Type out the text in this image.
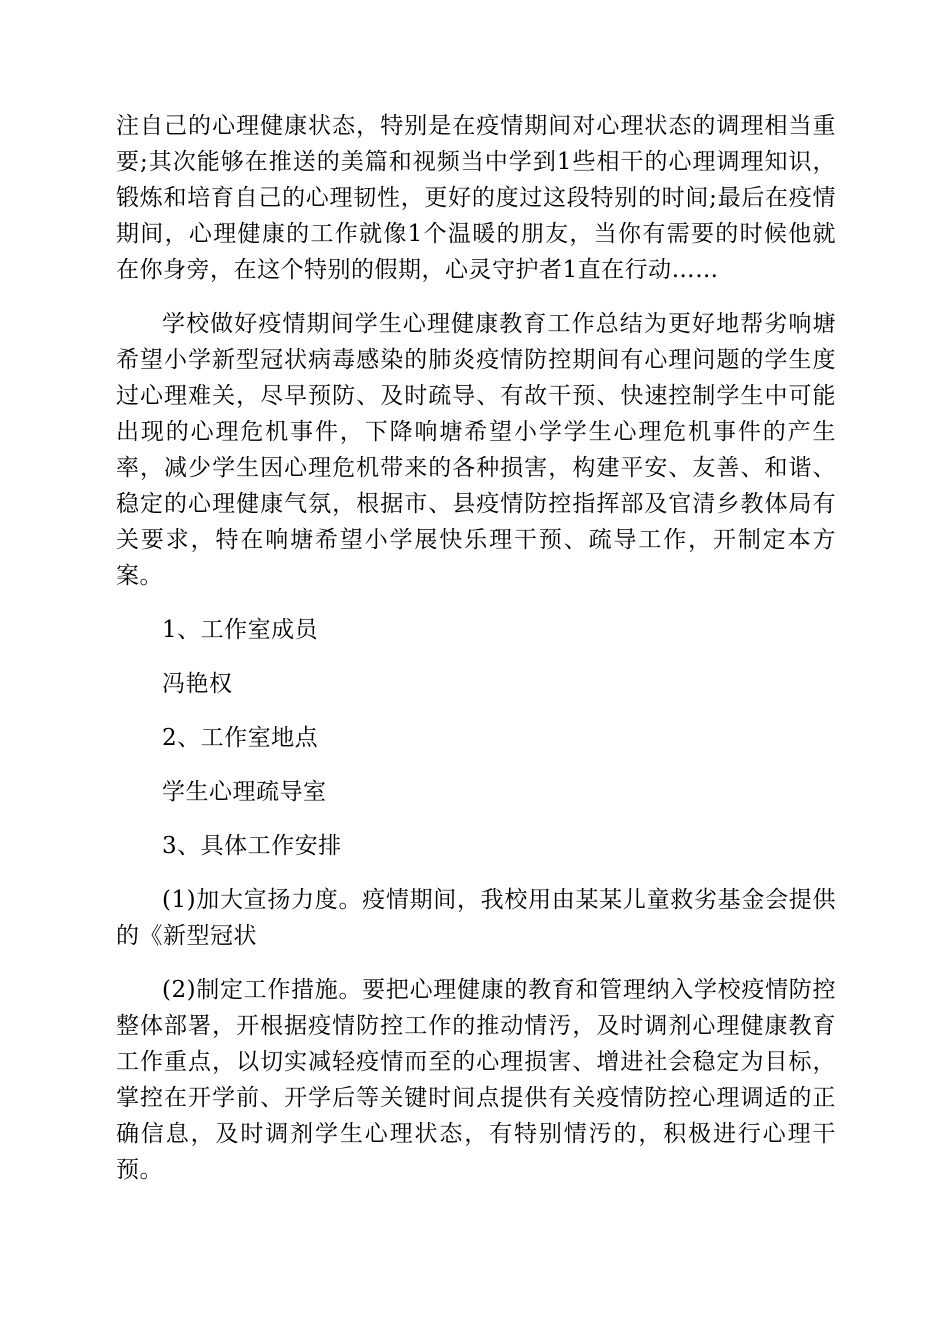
注自己的心理健康状态，特别是在疫情期间对心理状态的调理相当重要;其次能够在推送的美篇和视频当中学到1些相干的心理调理知识，锻炼和培育自己的心理韧性，更好的度过这段特别的时间;最后在疫情期间，心理健康的工作就像1个温暖的朋友，当你有需要的时候他就在你身旁，在这个特别的假期，心灵守护者1直在行动……

学校做好疫情期间学生心理健康教育工作总结为更好地帮劣响塘希望小学新型冠状病毒感染的肺炎疫情防控期间有心理问题的学生度过心理难关，尽早预防、及时疏导、有故干预、快速控制学生中可能出现的心理危机事件，下降响塘希望小学学生心理危机事件的产生率，减少学生因心理危机带来的各种损害，构建平安、友善、和谐、稳定的心理健康气氛，根据市、县疫情防控指挥部及官清乡教体局有关要求，特在响塘希望小学展快乐理干预、疏导工作，开制定本方案。

1、工作室成员

冯艳权

2、工作室地点

学生心理疏导室

3、具体工作安排

(1)加大宣扬力度。疫情期间，我校用由某某儿童救劣基金会提供的《新型冠状

(2)制定工作措施。要把心理健康的教育和管理纳入学校疫情防控整体部署，开根据疫情防控工作的推动情汚，及时调剂心理健康教育工作重点，以切实减轻疫情而至的心理损害、增进社会稳定为目标，掌控在开学前、开学后等关键时间点提供有关疫情防控心理调适的正确信息，及时调剂学生心理状态，有特别情汚的，积极进行心理干预。
